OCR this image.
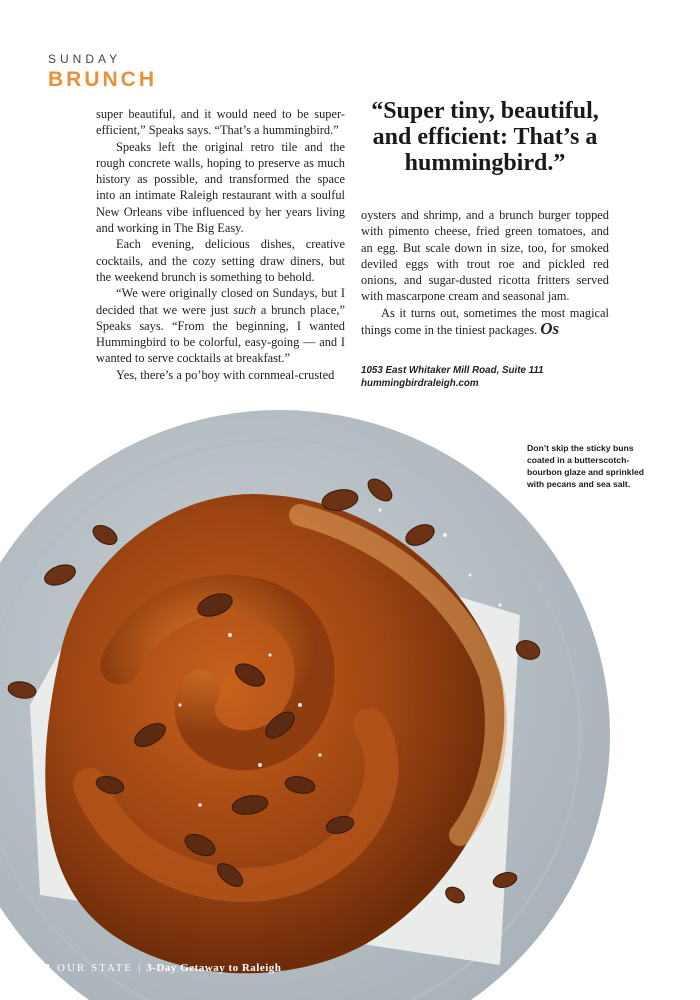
SUNDAY
BRUNCH

super beautiful, and it would need to be super-efficient,” Speaks says. “That’s a hummingbird.”

Speaks left the original retro tile and the rough concrete walls, hoping to preserve as much history as possible, and transformed the space into an intimate Raleigh restaurant with a soulful New Orleans vibe influenced by her years living and working in The Big Easy.

Each evening, delicious dishes, creative cocktails, and the cozy setting draw diners, but the weekend brunch is something to behold.

“We were originally closed on Sundays, but I decided that we were just such a brunch place,” Speaks says. “From the beginning, I wanted Hummingbird to be colorful, easy-going — and I wanted to serve cocktails at breakfast.”

Yes, there’s a po’boy with cornmeal-crusted

“Super tiny, beautiful, and efficient: That’s a hummingbird.”

oysters and shrimp, and a brunch burger topped with pimento cheese, fried green tomatoes, and an egg. But scale down in size, too, for smoked deviled eggs with trout roe and pickled red onions, and sugar-dusted ricotta fritters served with mascarpone cream and seasonal jam.

As it turns out, sometimes the most magical things come in the tiniest packages. Os

1053 East Whitaker Mill Road, Suite 111
hummingbirdraleigh.com
Don’t skip the sticky buns coated in a butterscotch-bourbon glaze and sprinkled with pecans and sea salt.
42 OUR STATE | 3-Day Getaway to Raleigh
